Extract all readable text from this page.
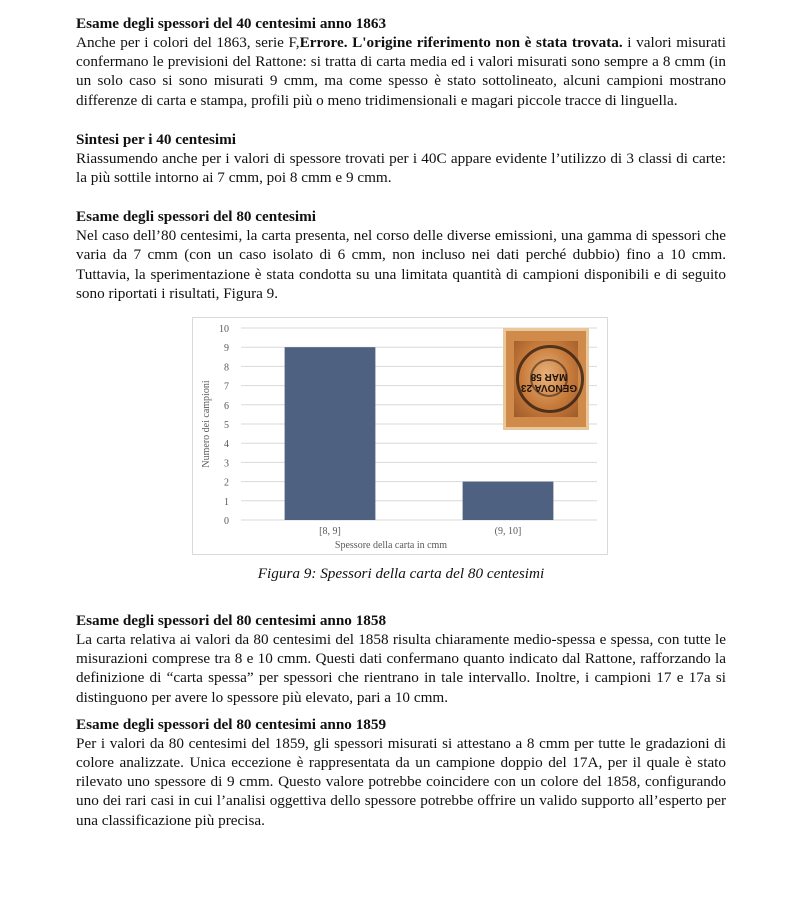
Esame degli spessori del 40 centesimi anno 1863

Anche per i colori del 1863, serie F,Errore. L'origine riferimento non è stata trovata. i valori misurati confermano le previsioni del Rattone: si tratta di carta media ed i valori misurati sono sempre a 8 cmm (in un solo caso si sono misurati 9 cmm, ma come spesso è stato sottolineato, alcuni campioni mostrano differenze di carta e stampa, profili più o meno tridimensionali e magari piccole tracce di linguella.

Sintesi per i 40 centesimi

Riassumendo anche per i valori di spessore trovati per i 40C appare evidente l’utilizzo di 3 classi di carte: la più sottile intorno ai 7 cmm, poi 8 cmm e 9 cmm.

Esame degli spessori del 80 centesimi

Nel caso dell’80 centesimi, la carta presenta, nel corso delle diverse emissioni, una gamma di spessori che varia da 7 cmm (con un caso isolato di 6 cmm, non incluso nei dati perché dubbio) fino a 10 cmm. Tuttavia, la sperimentazione è stata condotta su una limitata quantità di campioni disponibili e di seguito sono riportati i risultati, Figura 9.

0
1
2
3
4
5
6
7
8
9
10
[8, 9]	(9, 10]
Spessore della carta in cmm
Numero dei campioni	GENOVA 23 MAR 58

Figura 9: Spessori della carta del 80 centesimi

Esame degli spessori del 80 centesimi anno 1858

La carta relativa ai valori da 80 centesimi del 1858 risulta chiaramente medio-spessa e spessa, con tutte le misurazioni comprese tra 8 e 10 cmm. Questi dati confermano quanto indicato dal Rattone, rafforzando la definizione di “carta spessa” per spessori che rientrano in tale intervallo. Inoltre, i campioni 17 e 17a si distinguono per avere lo spessore più elevato, pari a 10 cmm.

Esame degli spessori del 80 centesimi anno 1859

Per i valori da 80 centesimi del 1859, gli spessori misurati si attestano a 8 cmm per tutte le gradazioni di colore analizzate. Unica eccezione è rappresentata da un campione doppio del 17A, per il quale è stato rilevato uno spessore di 9 cmm. Questo valore potrebbe coincidere con un colore del 1858, configurando uno dei rari casi in cui l’analisi oggettiva dello spessore potrebbe offrire un valido supporto all’esperto per una classificazione più precisa.
